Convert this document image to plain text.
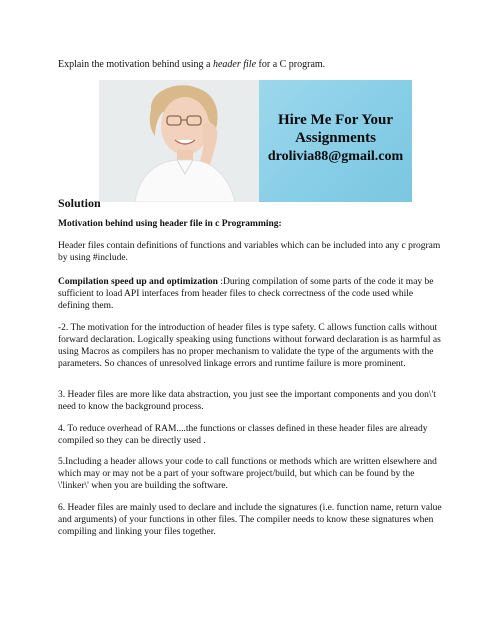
Explain the motivation behind using a header file for a C program.
Hire Me For Your
Assignments
drolivia88@gmail.com
Solution
Motivation behind using header file in c Programming:
Header files contain definitions of functions and variables which can be included into any c program by using #include.
Compilation speed up and optimization :During compilation of some parts of the code it may be sufficient to load API interfaces from header files to check correctness of the code used while defining them.
-2. The motivation for the introduction of header files is type safety. C allows function calls without forward declaration. Logically speaking using functions without forward declaration is as harmful as using Macros as compilers has no proper mechanism to validate the type of the arguments with the parameters. So chances of unresolved linkage errors and runtime failure is more prominent.
3. Header files are more like data abstraction, you just see the important components and you don\'t need to know the background process.
4. To reduce overhead of RAM....the functions or classes defined in these header files are already compiled so they can be directly used .
5.Including a header allows your code to call functions or methods which are written elsewhere and which may or may not be a part of your software project/build, but which can be found by the \'linker\' when you are building the software.
6. Header files are mainly used to declare and include the signatures (i.e. function name, return value and arguments) of your functions in other files. The compiler needs to know these signatures when compiling and linking your files together.
